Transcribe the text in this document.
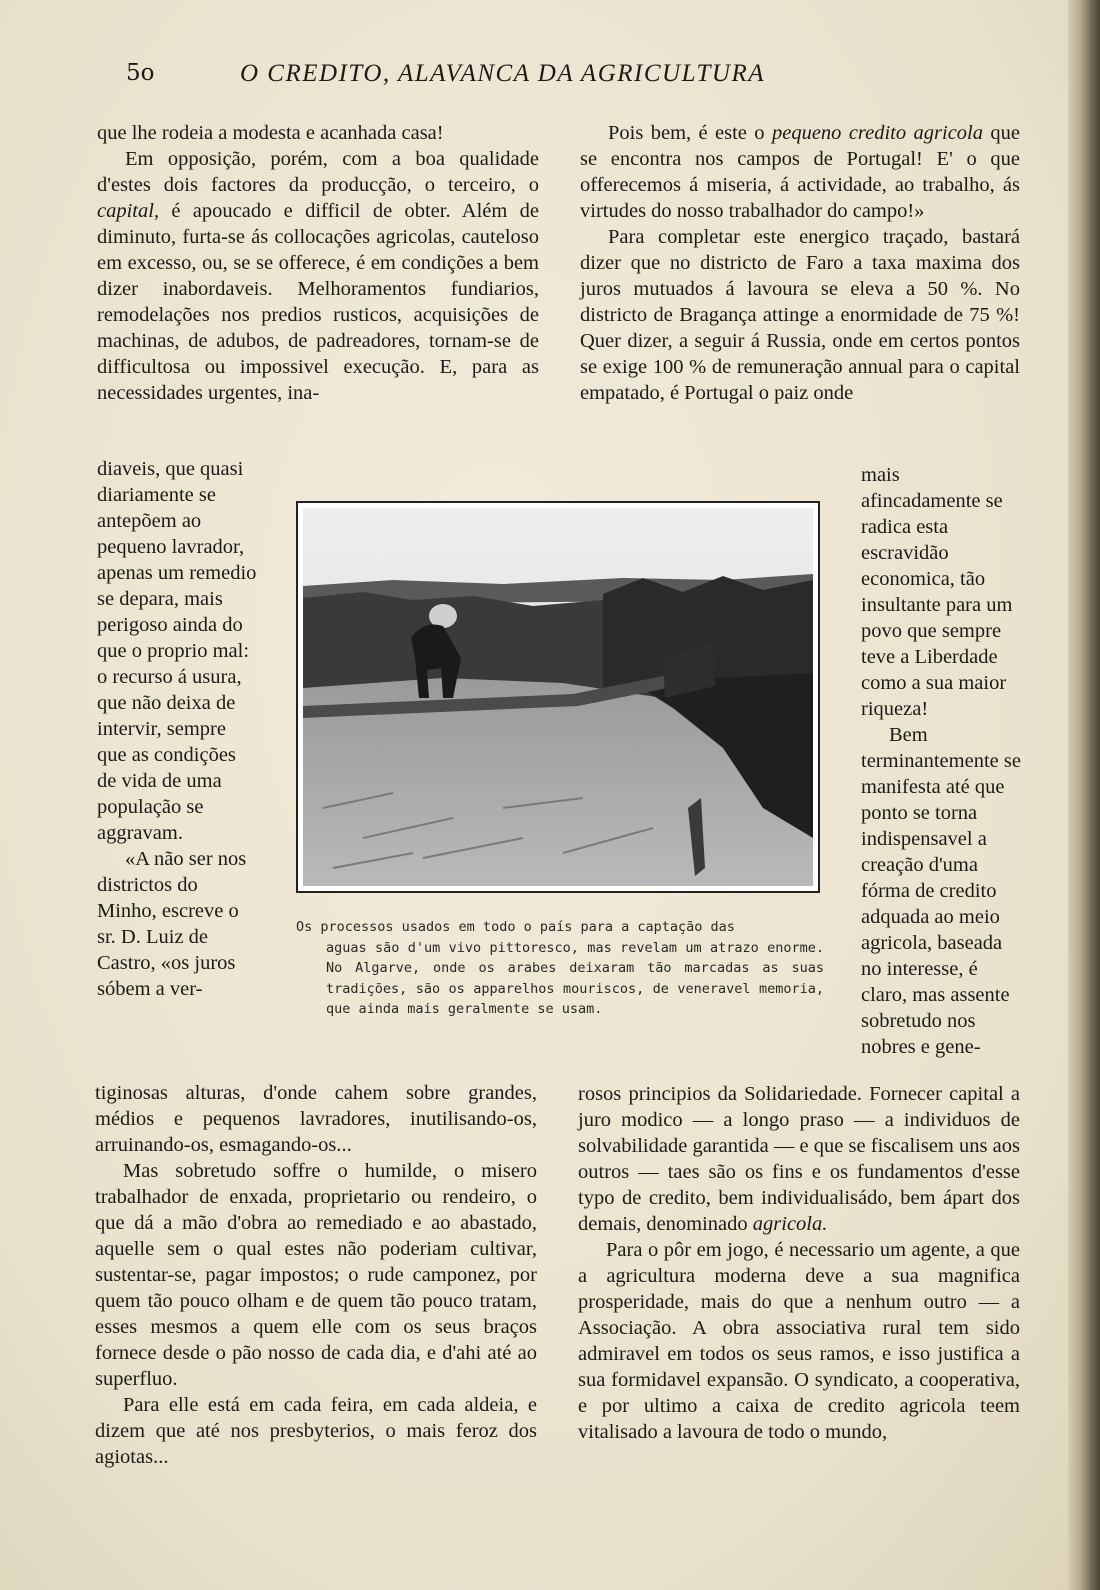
5o	O CREDITO, ALAVANCA DA AGRICULTURA

que lhe rodeia a modesta e acanhada casa!

Em opposição, porém, com a boa qualidade d'estes dois factores da producção, o terceiro, o capital, é apoucado e difficil de obter. Além de diminuto, furta-se ás collocações agricolas, cauteloso em excesso, ou, se se offerece, é em condições a bem dizer inabordaveis. Melhoramentos fundiarios, remodelações nos predios rusticos, acquisições de machinas, de adubos, de padreadores, tornam-se de difficultosa ou impossivel execução. E, para as necessidades urgentes, ina-

diaveis, que quasi diariamente se antepõem ao pequeno lavrador, apenas um remedio se depara, mais perigoso ainda do que o proprio mal: o recurso á usura, que não deixa de intervir, sempre que as condições de vida de uma população se aggravam.

«A não ser nos districtos do Minho, escreve o sr. D. Luiz de Castro, «os juros sóbem a ver-

tiginosas alturas, d'onde cahem sobre grandes, médios e pequenos lavradores, inutilisando-os, arruinando-os, esmagando-os...

Mas sobretudo soffre o humilde, o misero trabalhador de enxada, proprietario ou rendeiro, o que dá a mão d'obra ao remediado e ao abastado, aquelle sem o qual estes não poderiam cultivar, sustentar-se, pagar impostos; o rude camponez, por quem tão pouco olham e de quem tão pouco tratam, esses mesmos a quem elle com os seus braços fornece desde o pão nosso de cada dia, e d'ahi até ao superfluo.

Para elle está em cada feira, em cada aldeia, e dizem que até nos presbyterios, o mais feroz dos agiotas...

Pois bem, é este o pequeno credito agricola que se encontra nos campos de Portugal! E' o que offerecemos á miseria, á actividade, ao trabalho, ás virtudes do nosso trabalhador do campo!»

Para completar este energico traçado, bastará dizer que no districto de Faro a taxa maxima dos juros mutuados á lavoura se eleva a 50 %. No districto de Bragança attinge a enormidade de 75 %! Quer dizer, a seguir á Russia, onde em certos pontos se exige 100 % de remuneração annual para o capital empatado, é Portugal o paiz onde

mais afincadamente se radica esta escravidão economica, tão insultante para um povo que sempre teve a Liberdade como a sua maior riqueza!

Bem terminantemente se manifesta até que ponto se torna indispensavel a creação d'uma fórma de credito adquada ao meio agricola, baseada no interesse, é claro, mas assente sobretudo nos nobres e gene-

rosos principios da Solidariedade. Fornecer capital a juro modico — a longo praso — a individuos de solvabilidade garantida — e que se fiscalisem uns aos outros — taes são os fins e os fundamentos d'esse typo de credito, bem individualisádo, bem ápart dos demais, denominado agricola.

Para o pôr em jogo, é necessario um agente, a que a agricultura moderna deve a sua magnifica prosperidade, mais do que a nenhum outro — a Associação. A obra associativa rural tem sido admiravel em todos os seus ramos, e isso justifica a sua formidavel expansão. O syndicato, a cooperativa, e por ultimo a caixa de credito agricola teem vitalisado a lavoura de todo o mundo,

Os processos usados em todo o país para a captação das
aguas são d'um vivo pittoresco, mas revelam um atrazo enorme. No Algarve, onde os arabes deixaram tão marcadas as suas tradições, são os apparelhos mouriscos, de veneravel memoria, que ainda mais geralmente se usam.
